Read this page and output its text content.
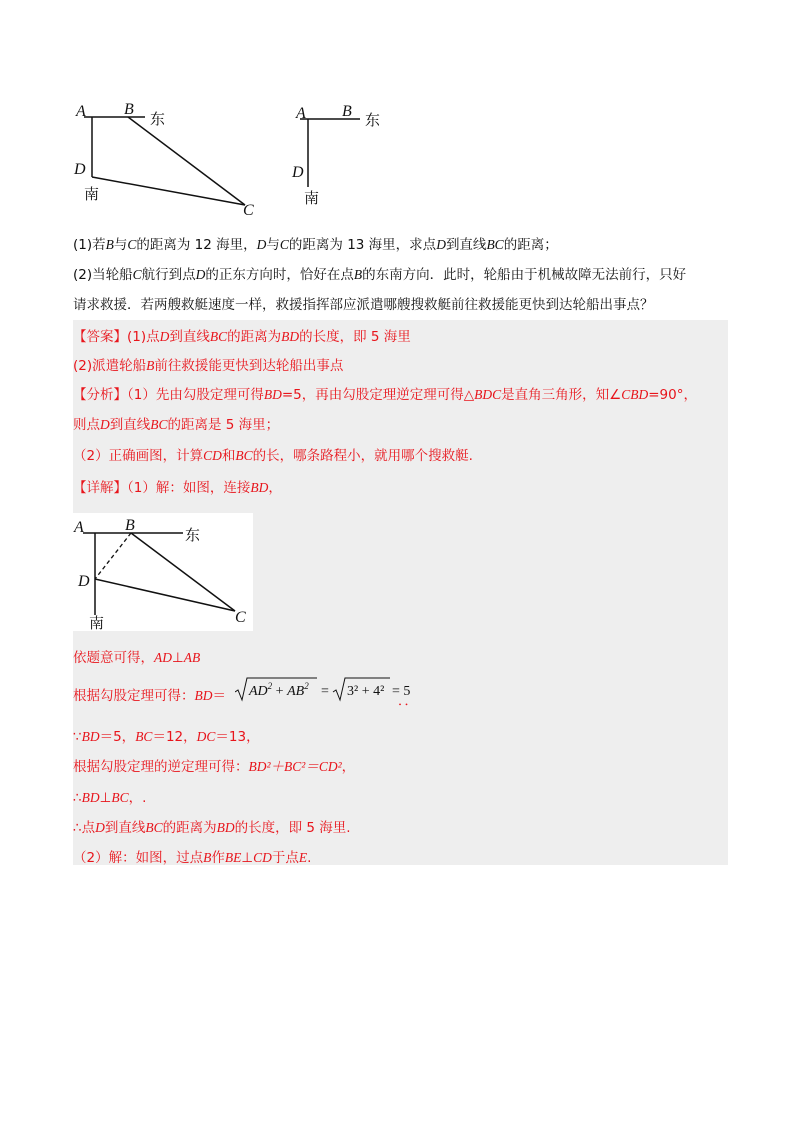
A B
东
D
南
C
A B 东
D
南
(1)若B与C的距离为 12 海里，D与C的距离为 13 海里，求点D到直线BC的距离；
(2)当轮船C航行到点D的正东方向时，恰好在点B的东南方向．此时，轮船由于机械故障无法前行，只好
请求救援．若两艘救艇速度一样，救援指挥部应派遣哪艘搜救艇前往救援能更快到达轮船出事点？
【答案】(1)点D到直线BC的距离为BD的长度，即 5 海里
(2)派遣轮船B前往救援能更快到达轮船出事点
【分析】（1）先由勾股定理可得BD=5，再由勾股定理逆定理可得△BDC是直角三角形，知∠CBD=90°，
则点D到直线BC的距离是 5 海里；
（2）正确画图，计算CD和BC的长，哪条路程小，就用哪个搜救艇.
【详解】（1）解：如图，连接BD，
A	B
东
D
南	C
依题意可得，AD⊥AB
根据勾股定理可得：$BD= AD^2 + AB^2 = 3^2 + 4^2 = 5$
．．
∵BD＝5，BC＝12，DC＝13，
根据勾股定理的逆定理可得：BD²＋BC²＝CD²，
∴BD⊥BC，.
∴点D到直线BC的距离为BD的长度，即 5 海里.
（2）解：如图，过点B作BE⊥CD于点E.
